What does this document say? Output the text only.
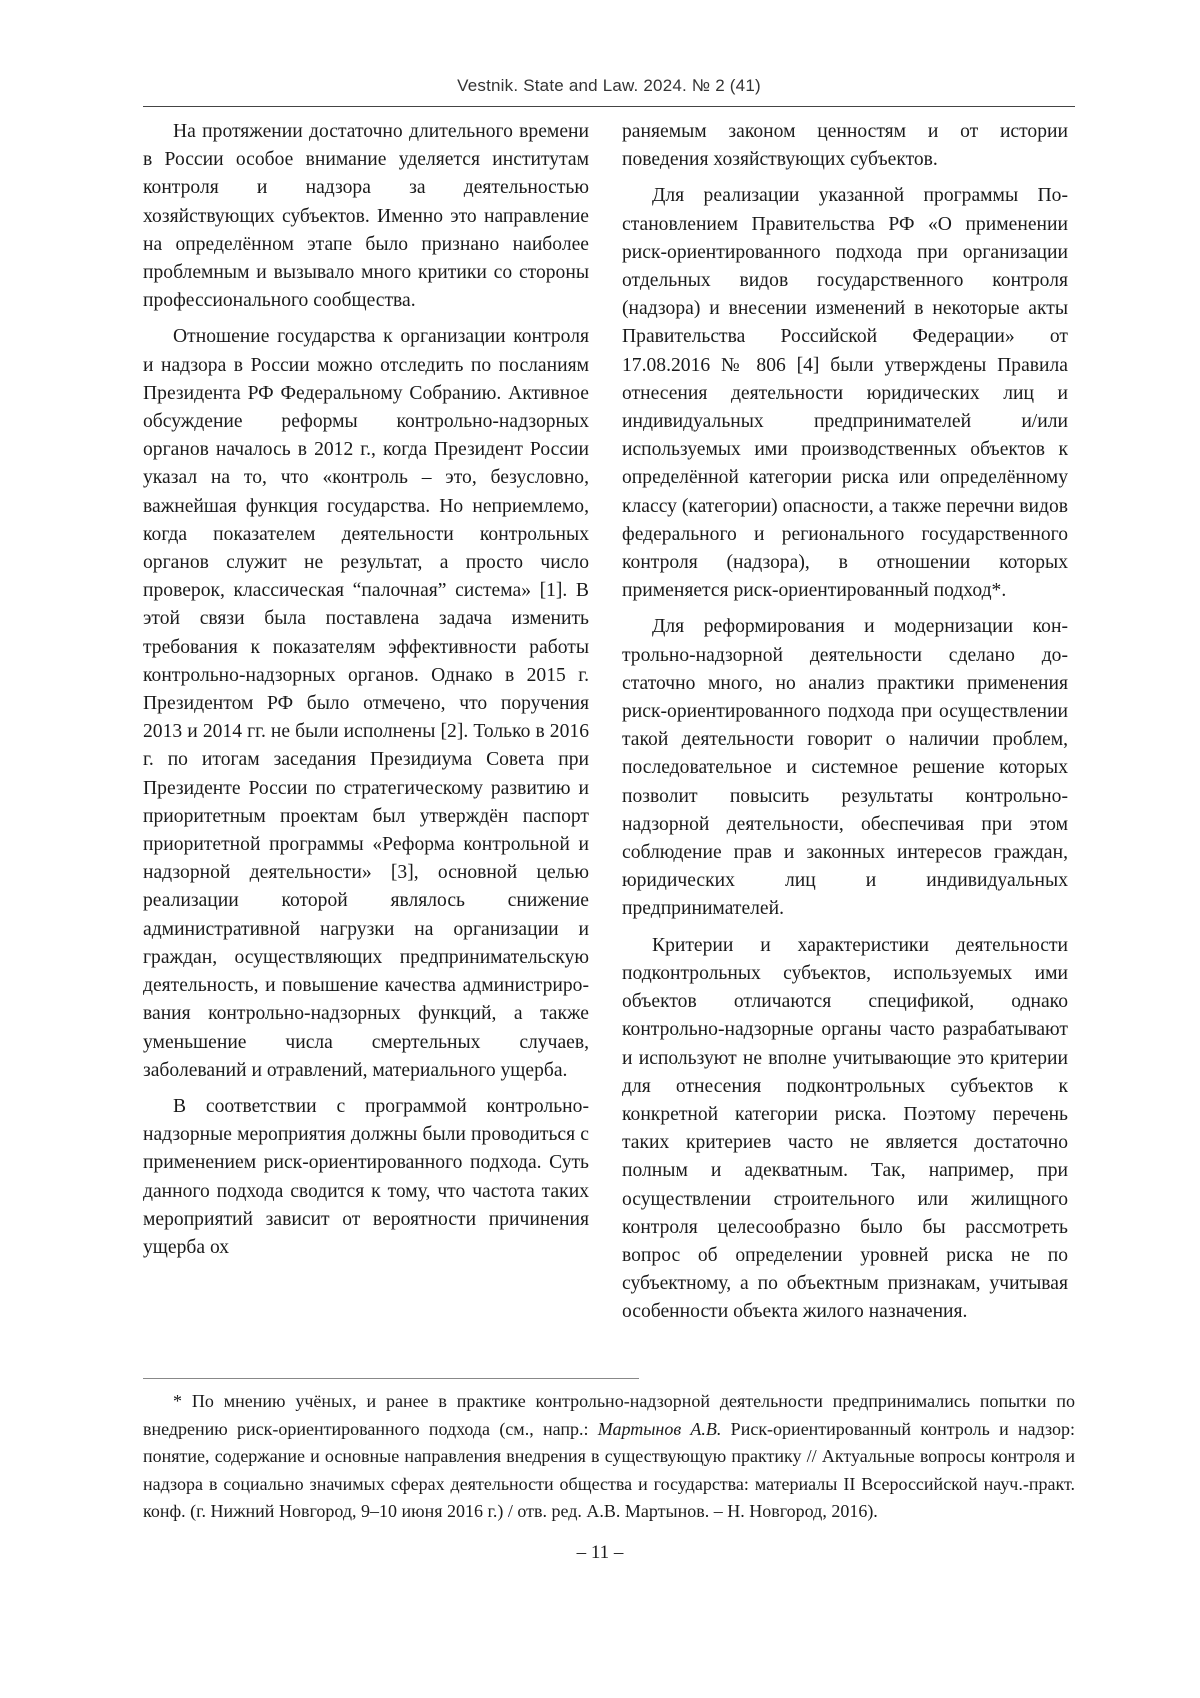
Vestnik. State and Law. 2024. № 2 (41)

На протяжении достаточно длительного времени в России особое внимание уделяется институтам контроля и надзора за деятельностью хозяйствующих субъектов. Именно это направление на определённом этапе было признано наиболее проблемным и вызывало много критики со стороны профессионального сообщества.

Отношение государства к организации контроля и надзора в России можно отследить по посланиям Президента РФ Федеральному Собранию. Активное обсуждение реформы контрольно-надзорных органов началось в 2012 г., когда Президент России указал на то, что «контроль – это, безусловно, важнейшая функция государства. Но неприемлемо, когда показателем деятельности контрольных органов служит не результат, а просто число проверок, классическая “палочная” система» [1]. В этой связи была поставлена задача изменить требования к показателям эффективности работы контрольно-надзорных органов. Однако в 2015 г. Президентом РФ было отмечено, что поручения 2013 и 2014 гг. не были исполнены [2]. Только в 2016 г. по итогам заседания Президиума Совета при Президенте России по стратегическому развитию и приоритетным проектам был утверждён паспорт приоритетной программы «Реформа контрольной и надзорной деятельности» [3], основной целью реализации которой являлось снижение административной нагрузки на организации и граждан, осуществляющих предпринимательскую деятельность, и повышение качества администрирования контрольно-надзорных функций, а также уменьшение числа смертельных случаев, заболеваний и отравлений, материального ущерба.

В соответствии с программой контрольно-надзорные мероприятия должны были проводиться с применением риск-ориентированного подхода. Суть данного подхода сводится к тому, что частота таких мероприятий зависит от вероятности причинения ущерба ох

раняемым законом ценностям и от истории поведения хозяйствующих субъектов.

Для реализации указанной программы Постановлением Правительства РФ «О применении риск-ориентированного подхода при организации отдельных видов государственного контроля (надзора) и внесении изменений в некоторые акты Правительства Российской Федерации» от 17.08.2016 № 806 [4] были утверждены Правила отнесения деятельности юридических лиц и индивидуальных предпринимателей и/или используемых ими производственных объектов к определённой категории риска или определённому классу (категории) опасности, а также перечни видов федерального и регионального государственного контроля (надзора), в отношении которых применяется риск-ориентированный подход*.

Для реформирования и модернизации контрольно-надзорной деятельности сделано достаточно много, но анализ практики применения риск-ориентированного подхода при осуществлении такой деятельности говорит о наличии проблем, последовательное и системное решение которых позволит повысить результаты контрольно-надзорной деятельности, обеспечивая при этом соблюдение прав и законных интересов граждан, юридических лиц и индивидуальных предпринимателей.

Критерии и характеристики деятельности подконтрольных субъектов, используемых ими объектов отличаются спецификой, однако контрольно-надзорные органы часто разрабатывают и используют не вполне учитывающие это критерии для отнесения подконтрольных субъектов к конкретной категории риска. Поэтому перечень таких критериев часто не является достаточно полным и адекватным. Так, например, при осуществлении строительного или жилищного контроля целесообразно было бы рассмотреть вопрос об определении уровней риска не по субъектному, а по объектным признакам, учитывая особенности объекта жилого назначения.

* По мнению учёных, и ранее в практике контрольно-надзорной деятельности предпринимались попытки по внедрению риск-ориентированного подхода (см., напр.: Мартынов А.В. Риск-ориентированный контроль и надзор: понятие, содержание и основные направления внедрения в существующую практику // Актуальные вопросы контроля и надзора в социально значимых сферах деятельности общества и государства: материалы II Всероссийской науч.-практ. конф. (г. Нижний Новгород, 9–10 июня 2016 г.) / отв. ред. А.В. Мартынов. – Н. Новгород, 2016).

– 11 –
